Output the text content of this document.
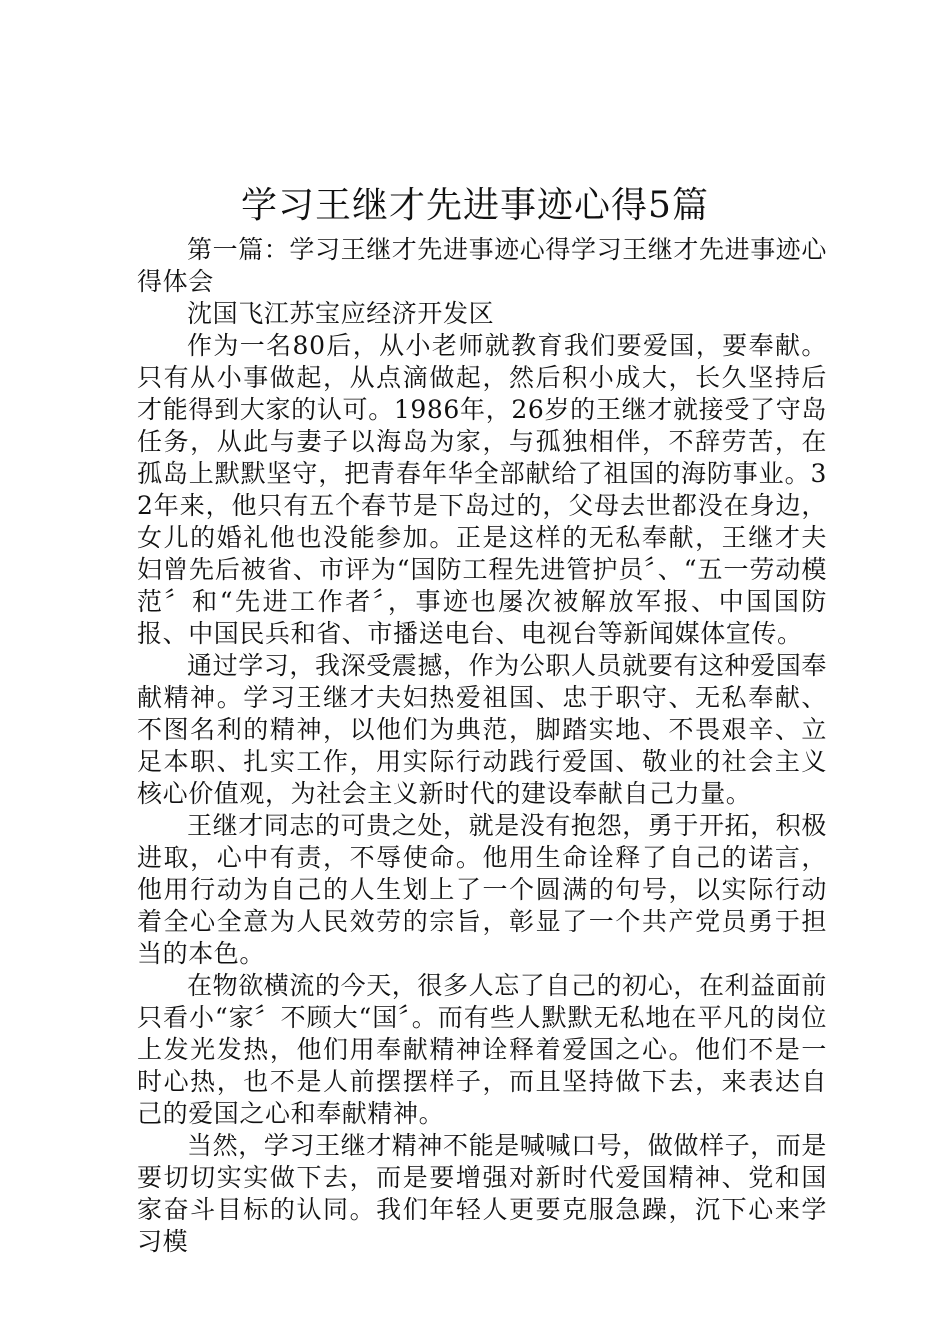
学习王继才先进事迹心得5篇

第一篇：学习王继才先进事迹心得学习王继才先进事迹心得体会

沈国飞江苏宝应经济开发区

作为一名80后，从小老师就教育我们要爱国，要奉献。只有从小事做起，从点滴做起，然后积小成大，长久坚持后才能得到大家的认可。1986年，26岁的王继才就接受了守岛任务，从此与妻子以海岛为家，与孤独相伴，不辞劳苦，在孤岛上默默坚守，把青春年华全部献给了祖国的海防事业。32年来，他只有五个春节是下岛过的，父母去世都没在身边，女儿的婚礼他也没能参加。正是这样的无私奉献，王继才夫妇曾先后被省、市评为“国防工程先进管护员〞、“五一劳动模范〞和“先进工作者〞，事迹也屡次被解放军报、中国国防报、中国民兵和省、市播送电台、电视台等新闻媒体宣传。

通过学习，我深受震撼，作为公职人员就要有这种爱国奉献精神。学习王继才夫妇热爱祖国、忠于职守、无私奉献、不图名利的精神，以他们为典范，脚踏实地、不畏艰辛、立足本职、扎实工作，用实际行动践行爱国、敬业的社会主义核心价值观，为社会主义新时代的建设奉献自己力量。

王继才同志的可贵之处，就是没有抱怨，勇于开拓，积极进取，心中有责，不辱使命。他用生命诠释了自己的诺言，他用行动为自己的人生划上了一个圆满的句号，以实际行动着全心全意为人民效劳的宗旨，彰显了一个共产党员勇于担当的本色。

在物欲横流的今天，很多人忘了自己的初心，在利益面前只看小“家〞不顾大“国〞。而有些人默默无私地在平凡的岗位上发光发热，他们用奉献精神诠释着爱国之心。他们不是一时心热，也不是人前摆摆样子，而且坚持做下去，来表达自己的爱国之心和奉献精神。

当然，学习王继才精神不能是喊喊口号，做做样子，而是要切切实实做下去，而是要增强对新时代爱国精神、党和国家奋斗目标的认同。我们年轻人更要克服急躁，沉下心来学习模
